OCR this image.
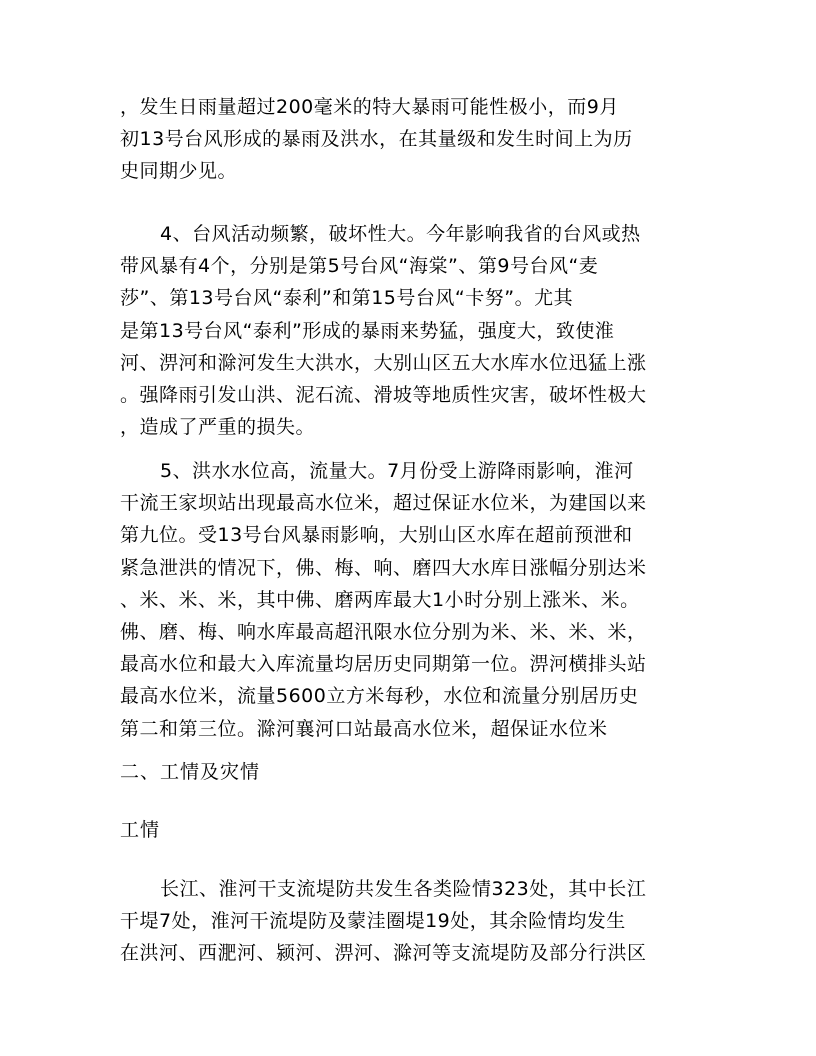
，发生日雨量超过200毫米的特大暴雨可能性极小，而9月
初13号台风形成的暴雨及洪水，在其量级和发生时间上为历
史同期少见。
4、台风活动频繁，破坏性大。今年影响我省的台风或热
带风暴有4个，分别是第5号台风“海棠”、第9号台风“麦
莎”、第13号台风“泰利”和第15号台风“卡努”。尤其
是第13号台风“泰利”形成的暴雨来势猛，强度大，致使淮
河、淠河和滁河发生大洪水，大别山区五大水库水位迅猛上涨
。强降雨引发山洪、泥石流、滑坡等地质性灾害，破坏性极大
，造成了严重的损失。
5、洪水水位高，流量大。7月份受上游降雨影响，淮河
干流王家坝站出现最高水位米，超过保证水位米，为建国以来
第九位。受13号台风暴雨影响，大别山区水库在超前预泄和
紧急泄洪的情况下，佛、梅、响、磨四大水库日涨幅分别达米
、米、米、米，其中佛、磨两库最大1小时分别上涨米、米。
佛、磨、梅、响水库最高超汛限水位分别为米、米、米、米，
最高水位和最大入库流量均居历史同期第一位。淠河横排头站
最高水位米，流量5600立方米每秒，水位和流量分别居历史
第二和第三位。滁河襄河口站最高水位米，超保证水位米
二、工情及灾情
工情
长江、淮河干支流堤防共发生各类险情323处，其中长江
干堤7处，淮河干流堤防及蒙洼圈堤19处，其余险情均发生
在洪河、西淝河、颍河、淠河、滁河等支流堤防及部分行洪区
